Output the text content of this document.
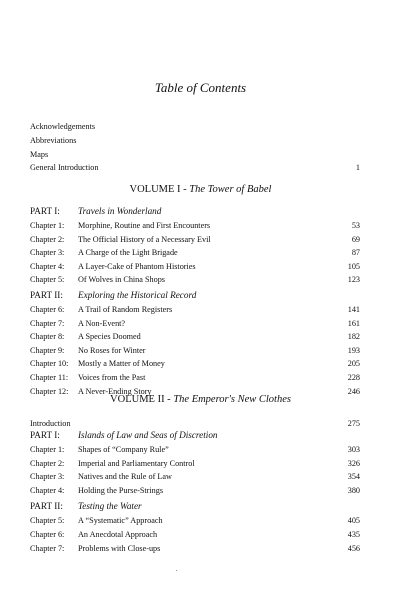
Table of Contents
Acknowledgements
Abbreviations
Maps
General Introduction	1
VOLUME I - The Tower of Babel
PART I: Travels in Wonderland
Chapter 1: Morphine, Routine and First Encounters	53
Chapter 2: The Official History of a Necessary Evil	69
Chapter 3: A Charge of the Light Brigade	87
Chapter 4: A Layer-Cake of Phantom Histories	105
Chapter 5: Of Wolves in China Shops	123
PART II: Exploring the Historical Record
Chapter 6: A Trail of Random Registers	141
Chapter 7: A Non-Event?	161
Chapter 8: A Species Doomed	182
Chapter 9: No Roses for Winter	193
Chapter 10: Mostly a Matter of Money	205
Chapter 11: Voices from the Past	228
Chapter 12: A Never-Ending Story	246
VOLUME II - The Emperor's New Clothes
Introduction	275
PART I: Islands of Law and Seas of Discretion
Chapter 1: Shapes of “Company Rule”	303
Chapter 2: Imperial and Parliamentary Control	326
Chapter 3: Natives and the Rule of Law	354
Chapter 4: Holding the Purse-Strings	380
PART II: Testing the Water
Chapter 5: A “Systematic” Approach	405
Chapter 6: An Anecdotal Approach	435
Chapter 7: Problems with Close-ups	456
